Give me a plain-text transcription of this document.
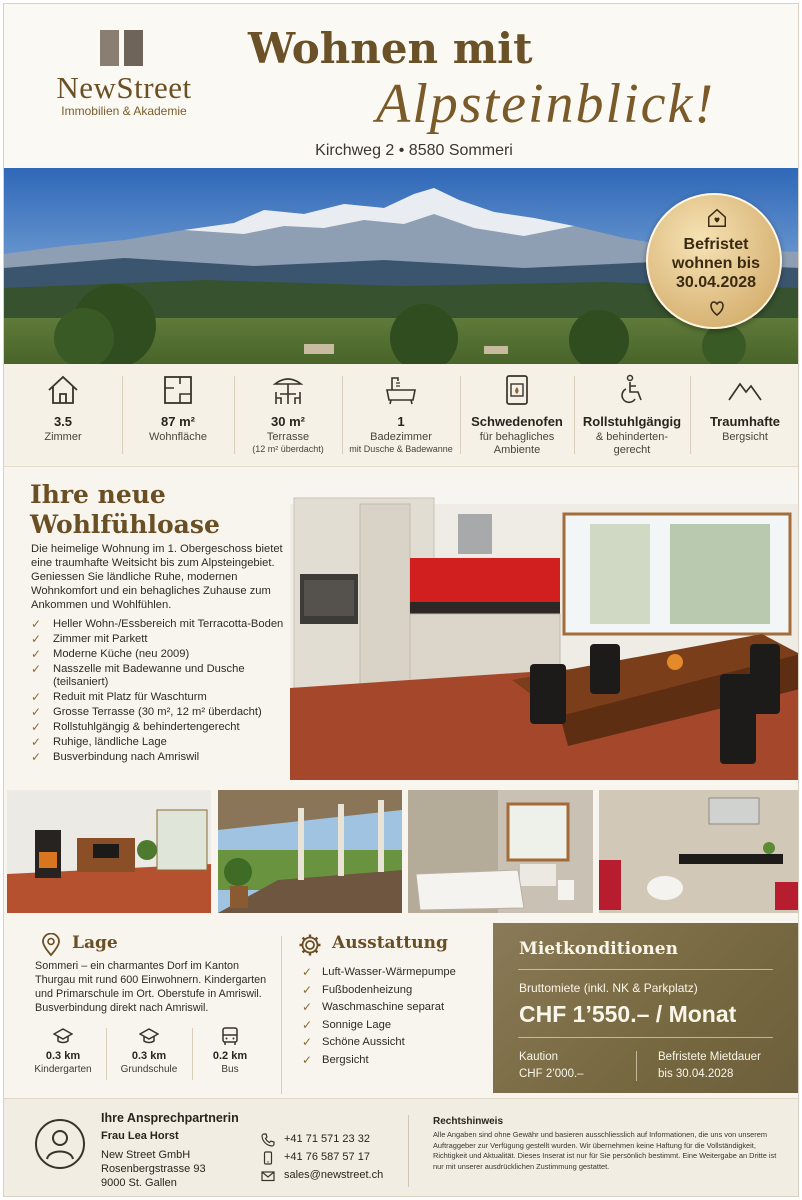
NewStreet
Immobilien & Akademie
Wohnen mit
Alpsteinblick!
Kirchweg 2 • 8580 Sommeri
Befristet wohnen bis 30.04.2028
3.5
Zimmer
87 m²
Wohnfläche
30 m²
Terrasse
(12 m² überdacht)
1
Badezimmer
mit Dusche & Badewanne
Schwedenofen
für behagliches Ambiente
Rollstuhlgängig
& behinderten-gerecht
Traumhafte
Bergsicht
Ihre neue
Wohlfühloase
Die heimelige Wohnung im 1. Obergeschoss bietet eine traumhafte Weitsicht bis zum Alpsteingebiet. Geniessen Sie ländliche Ruhe, modernen Wohnkomfort und ein behagliches Zuhause zum Ankommen und Wohlfühlen.
✓ Heller Wohn-/Essbereich mit Terracotta-Boden
✓ Zimmer mit Parkett
✓ Moderne Küche (neu 2009)
✓ Nasszelle mit Badewanne und Dusche (teilsaniert)
✓ Reduit mit Platz für Waschturm
✓ Grosse Terrasse (30 m², 12 m² überdacht)
✓ Rollstuhlgängig & behindertengerecht
✓ Ruhige, ländliche Lage
✓ Busverbindung nach Amriswil
Lage
Sommeri – ein charmantes Dorf im Kanton Thurgau mit rund 600 Einwohnern. Kindergarten und Primarschule im Ort. Oberstufe in Amriswil. Busverbindung direkt nach Amriswil.
0.3 km
Kindergarten
0.3 km
Grundschule
0.2 km
Bus
Ausstattung
✓ Luft-Wasser-Wärmepumpe
✓ Fußbodenheizung
✓ Waschmaschine separat
✓ Sonnige Lage
✓ Schöne Aussicht
✓ Bergsicht
Mietkonditionen
Bruttomiete (inkl. NK & Parkplatz)
CHF 1’550.– / Monat
Kaution
CHF 2’000.–
Befristete Mietdauer
bis 30.04.2028
Ihre Ansprechpartnerin
Frau Lea Horst
New Street GmbH
Rosenbergstrasse 93
9000 St. Gallen
+41 71 571 23 32
+41 76 587 57 17
sales@newstreet.ch
Rechtshinweis
Alle Angaben sind ohne Gewähr und basieren ausschliesslich auf Informationen, die uns von unserem Auftraggeber zur Verfügung gestellt wurden. Wir übernehmen keine Haftung für die Vollständigkeit, Richtigkeit und Aktualität. Dieses Inserat ist nur für Sie persönlich bestimmt. Eine Weitergabe an Dritte ist nur mit unserer ausdrücklichen Zustimmung gestattet.
